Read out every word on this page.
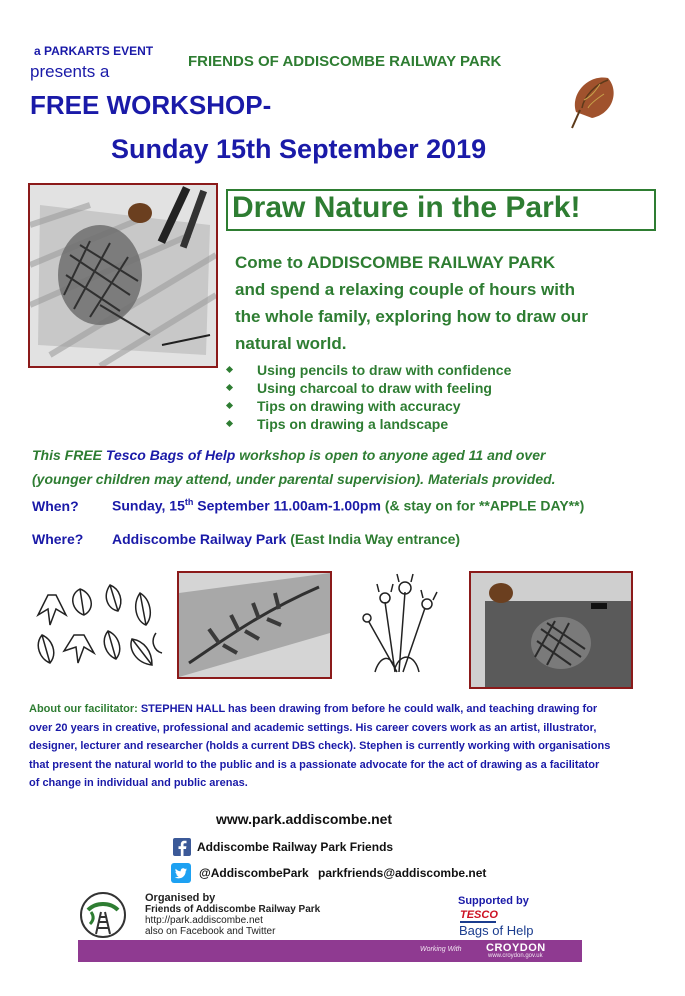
a PARKARTS EVENT
presents a
FRIENDS OF ADDISCOMBE RAILWAY PARK
FREE WORKSHOP-
Sunday 15th September 2019
Draw Nature in the Park!
Come to ADDISCOMBE RAILWAY PARK
and spend a relaxing couple of hours with
the whole family, exploring how to draw our
natural world.
Using pencils to draw with confidence
Using charcoal to draw with feeling
Tips on drawing with accuracy
Tips on drawing a landscape
This FREE Tesco Bags of Help workshop is open to anyone aged 11 and over
(younger children may attend, under parental supervision). Materials provided.
When? Sunday, 15th September 11.00am-1.00pm (& stay on for **APPLE DAY**)
Where? Addiscombe Railway Park (East India Way entrance)
About our facilitator: STEPHEN HALL has been drawing from before he could walk, and teaching drawing for
over 20 years in creative, professional and academic settings. His career covers work as an artist, illustrator,
designer, lecturer and researcher (holds a current DBS check). Stephen is currently working with organisations
that present the natural world to the public and is a passionate advocate for the act of drawing as a facilitator
of change in individual and public arenas.
www.park.addiscombe.net
Addiscombe Railway Park Friends
@AddiscombePark parkfriends@addiscombe.net
Organised by
Friends of Addiscombe Railway Park
http://park.addiscombe.net
also on Facebook and Twitter
Supported by
TESCO
Bags of Help
Working With CROYDON
www.croydon.gov.uk
